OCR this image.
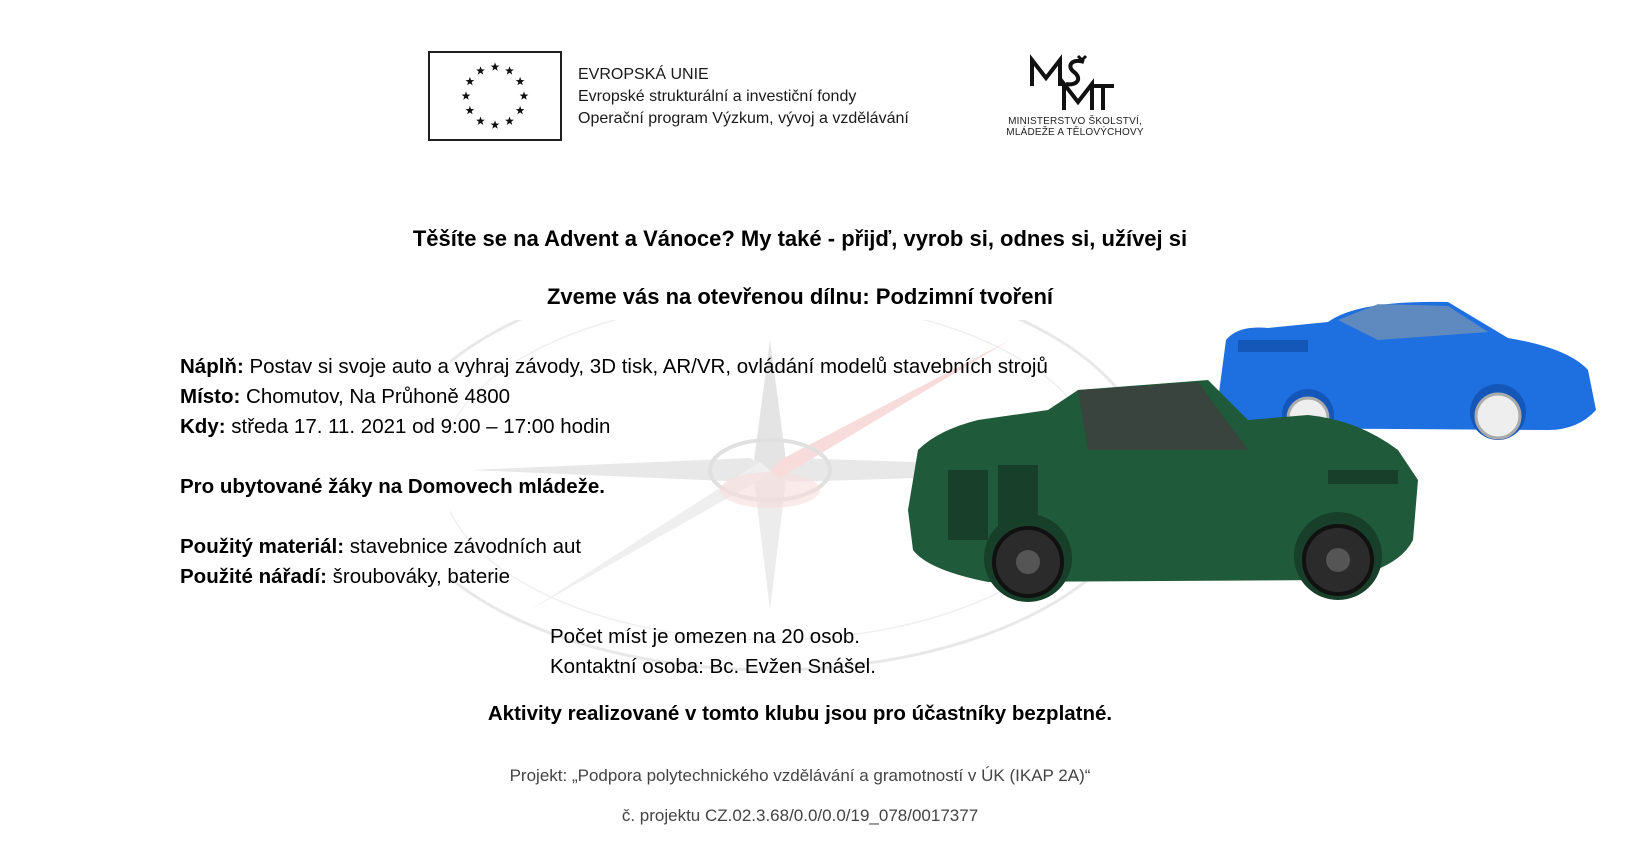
EVROPSKÁ UNIE
Evropské strukturální a investiční fondy
Operační program Výzkum, vývoj a vzdělávání	MINISTERSTVO ŠKOLSTVÍ,
MLÁDEŽE A TĚLOVÝCHOVY
Těšíte se na Advent a Vánoce? My také - přijď, vyrob si, odnes si, užívej si
Zveme vás na otevřenou dílnu: Podzimní tvoření
Náplň: Postav si svoje auto a vyhraj závody, 3D tisk, AR/VR, ovládání modelů stavebních strojů
Místo: Chomutov, Na Průhoně 4800
Kdy: středa 17. 11. 2021 od 9:00 – 17:00 hodin
Pro ubytované žáky na Domovech mládeže.
Použitý materiál: stavebnice závodních aut
Použité nářadí: šroubováky, baterie
Počet míst je omezen na 20 osob.
Kontaktní osoba: Bc. Evžen Snášel.
Aktivity realizované v tomto klubu jsou pro účastníky bezplatné.
Projekt: „Podpora polytechnického vzdělávání a gramotností v ÚK (IKAP 2A)“
č. projektu CZ.02.3.68/0.0/0.0/19_078/0017377
